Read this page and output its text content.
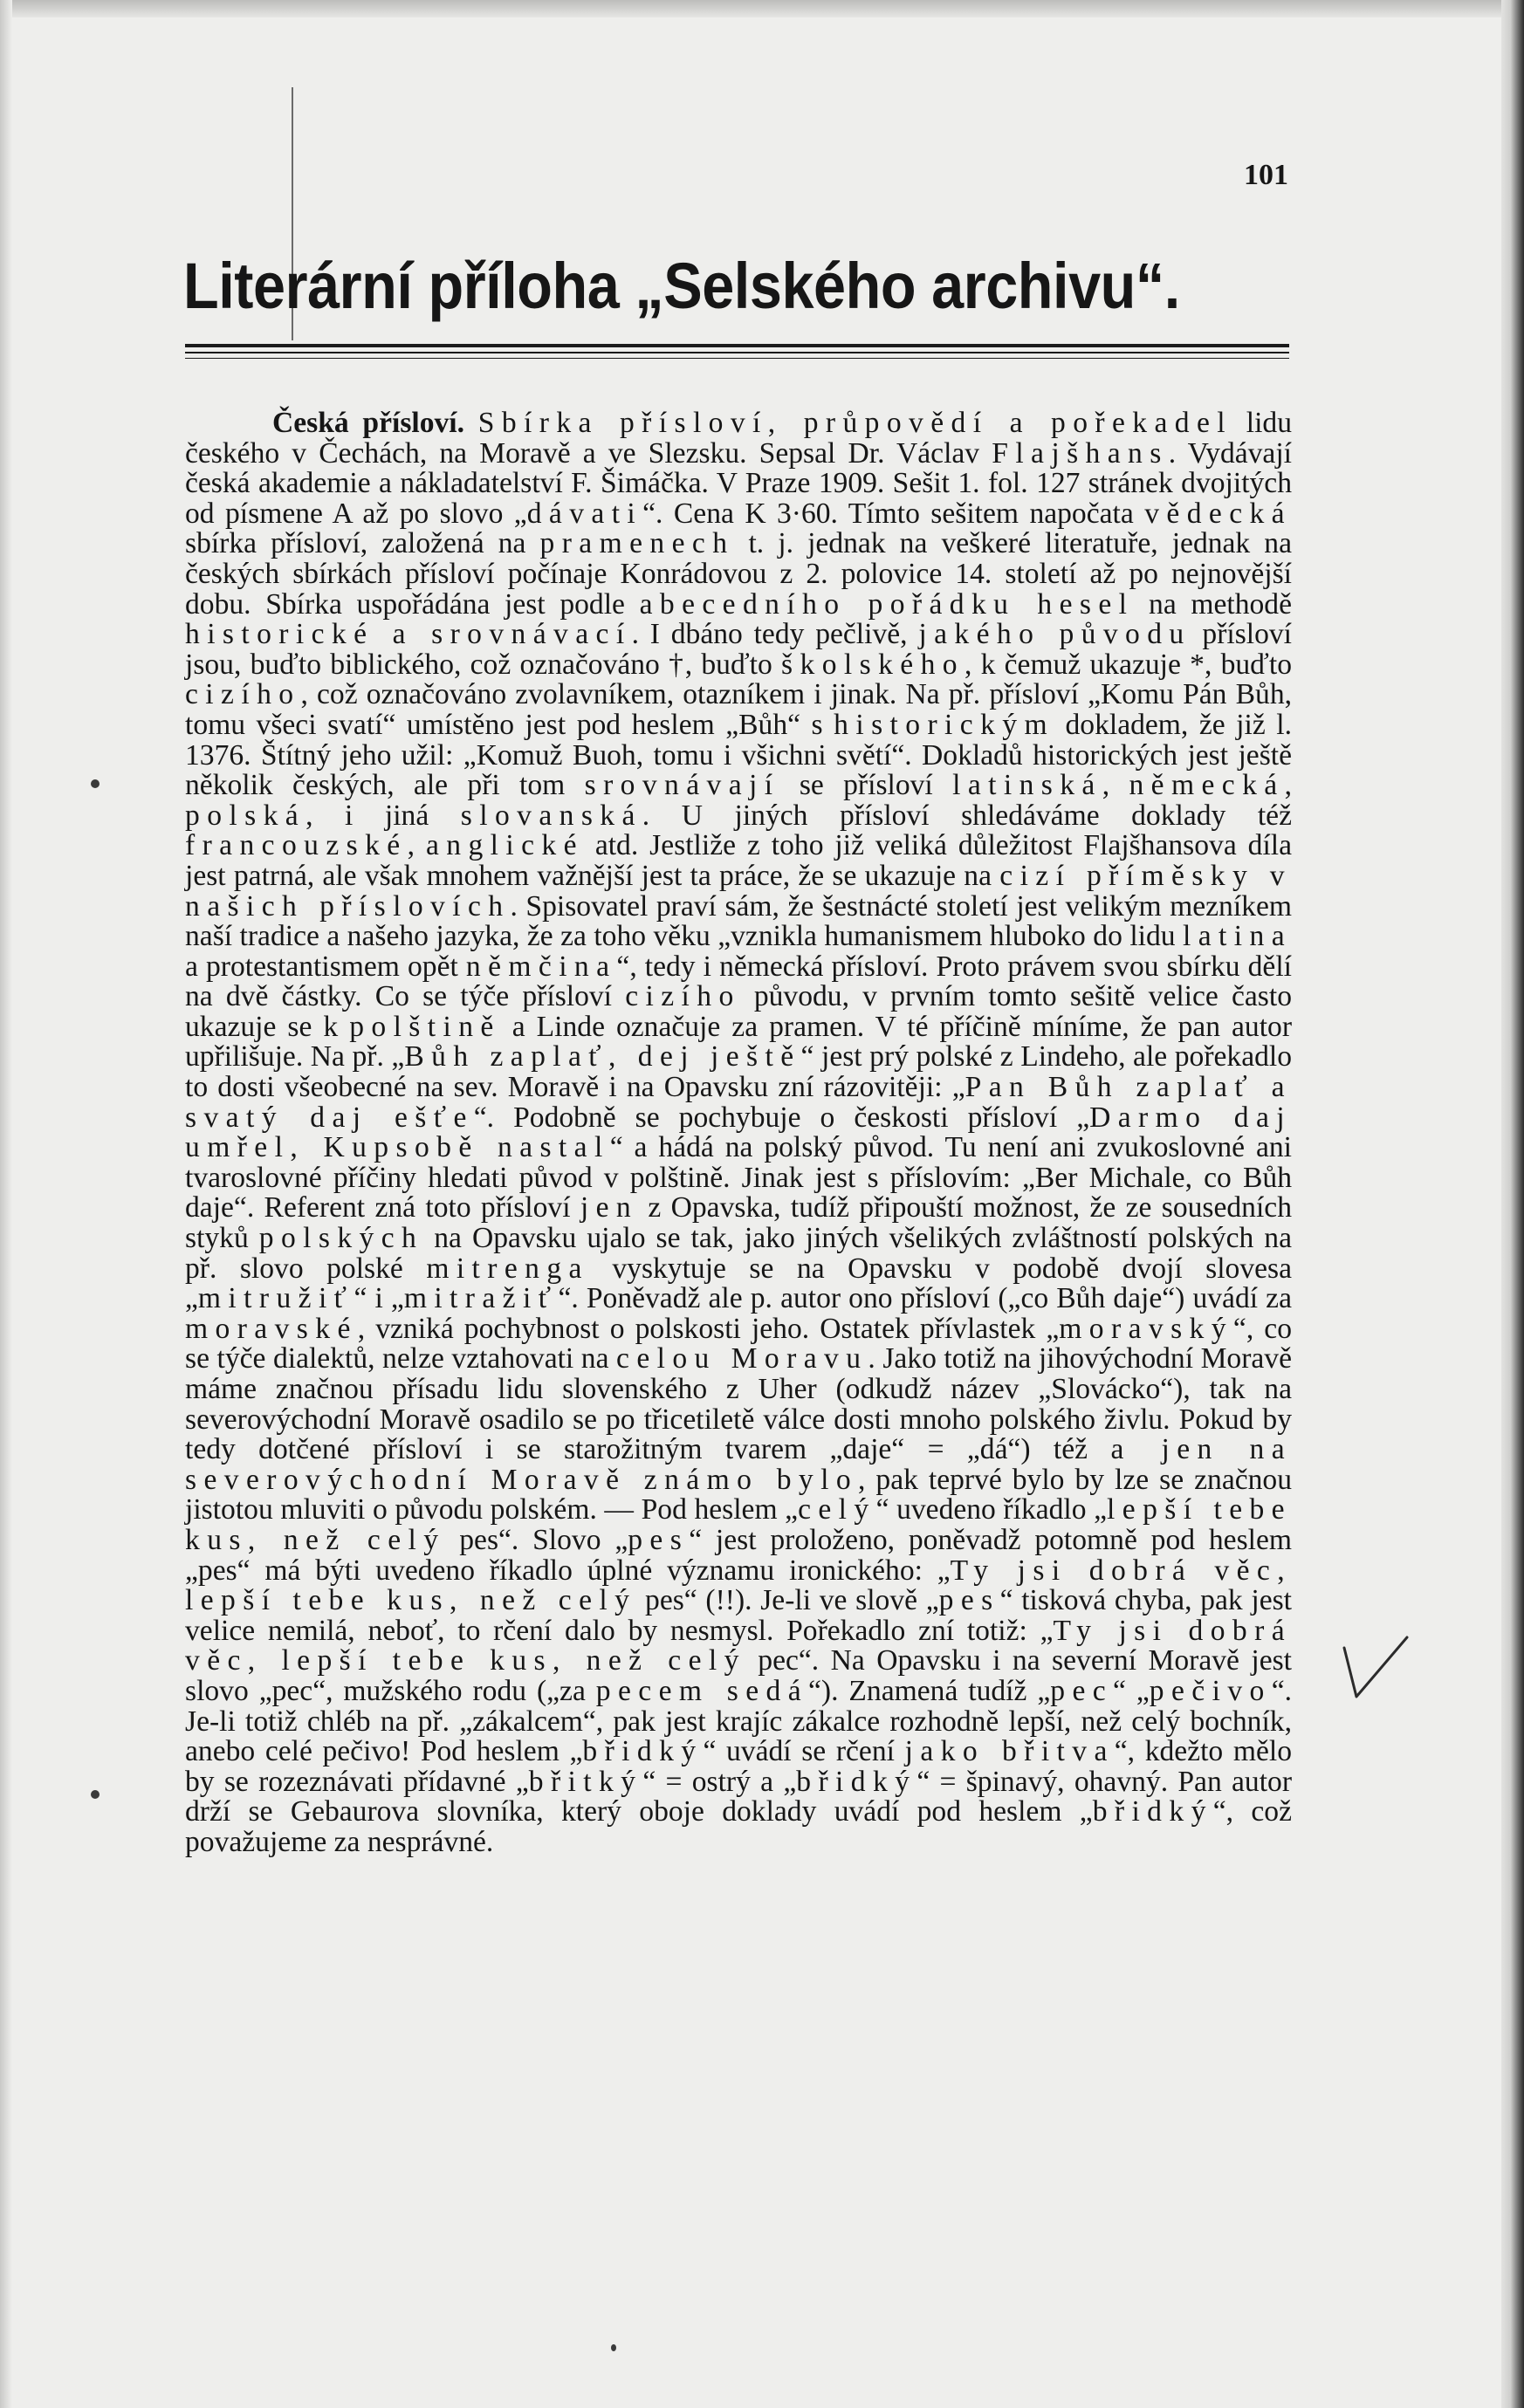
101
Literární příloha „Selského archivu“.

Česká přísloví. Sbírka přísloví, průpovědí a pořekadel lidu českého v Čechách, na Moravě a ve Slezsku. Sepsal Dr. Václav Flajšhans. Vydávají česká akademie a nákladatelství F. Šimáčka. V Praze 1909. Sešit 1. fol. 127 stránek dvojitých od písmene A až po slovo „dávati“. Cena K 3·60. Tímto sešitem napočata vědecká sbírka přísloví, založená na pramenech t. j. jednak na veškeré literatuře, jednak na českých sbírkách přísloví počínaje Konrádovou z 2. polovice 14. století až po nejnovější dobu. Sbírka uspořádána jest podle abecedního pořádku hesel na methodě historické a srovnávací. I dbáno tedy pečlivě, jakého původu přísloví jsou, buďto biblického, což označováno †, buďto školského, k čemuž ukazuje *, buďto cizího, což označováno zvolavníkem, otazníkem i jinak. Na př. přísloví „Komu Pán Bůh, tomu všeci svatí“ umístěno jest pod heslem „Bůh“ s historickým dokladem, že již l. 1376. Štítný jeho užil: „Komuž Buoh, tomu i všichni světí“. Dokladů historických jest ještě několik českých, ale při tom srovnávají se přísloví latinská, německá, polská, i jiná slovanská. U jiných přísloví shledáváme doklady též francouzské, anglické atd. Jestliže z toho již veliká důležitost Flajšhansova díla jest patrná, ale však mnohem važnější jest ta práce, že se ukazuje na cizí příměsky v našich příslovích. Spisovatel praví sám, že šestnácté století jest velikým mezníkem naší tradice a našeho jazyka, že za toho věku „vznikla humanismem hluboko do lidu latina a protestantismem opět němčina“, tedy i německá přísloví. Proto právem svou sbírku dělí na dvě částky. Co se týče přísloví cizího původu, v prvním tomto sešitě velice často ukazuje se k polštině a Linde označuje za pramen. V té příčině míníme, že pan autor upřilišuje. Na př. „Bůh zaplať, dej ještě“ jest prý polské z Lindeho, ale pořekadlo to dosti všeobecné na sev. Moravě i na Opavsku zní rázovitěji: „Pan Bůh zaplať a svatý daj ešťe“. Podobně se pochybuje o českosti přísloví „Darmo daj umřel, Kupsobě nastal“ a hádá na polský původ. Tu není ani zvukoslovné ani tvaroslovné příčiny hledati původ v polštině. Jinak jest s příslovím: „Ber Michale, co Bůh daje“. Referent zná toto přísloví jen z Opavska, tudíž připouští možnost, že ze sousedních styků polských na Opavsku ujalo se tak, jako jiných všelikých zvláštností polských na př. slovo polské mitrenga vyskytuje se na Opavsku v podobě dvojí slovesa „mitružiť“ i „mitražiť“. Poněvadž ale p. autor ono přísloví („co Bůh daje“) uvádí za moravské, vzniká pochybnost o polskosti jeho. Ostatek přívlastek „moravský“, co se týče dialektů, nelze vztahovati na celou Moravu. Jako totiž na jihovýchodní Moravě máme značnou přísadu lidu slovenského z Uher (odkudž název „Slovácko“), tak na severovýchodní Moravě osadilo se po třicetiletě válce dosti mnoho polského živlu. Pokud by tedy dotčené přísloví i se starožitným tvarem „daje“ = „dá“) též a jen na severovýchodní Moravě známo bylo, pak teprvé bylo by lze se značnou jistotou mluviti o původu polském. — Pod heslem „celý“ uvedeno říkadlo „lepší tebe kus, než celý pes“. Slovo „pes“ jest proloženo, poněvadž potomně pod heslem „pes“ má býti uvedeno říkadlo úplné významu ironického: „Ty jsi dobrá věc, lepší tebe kus, než celý pes“ (!!). Je-li ve slově „pes“ tisková chyba, pak jest velice nemilá, neboť, to rčení dalo by nesmysl. Pořekadlo zní totiž: „Ty jsi dobrá věc, lepší tebe kus, než celý pec“. Na Opavsku i na severní Moravě jest slovo „pec“, mužského rodu („za pecem sedá“). Znamená tudíž „pec“ „pečivo“. Je-li totiž chléb na př. „zákalcem“, pak jest krajíc zákalce rozhodně lepší, než celý bochník, anebo celé pečivo! Pod heslem „břidký“ uvádí se rčení jako břitva“, kdežto mělo by se rozeznávati přídavné „břitký“ = ostrý a „břidký“ = špinavý, ohavný. Pan autor drží se Gebaurova slovníka, který oboje doklady uvádí pod heslem „břidký“, což považujeme za nesprávné.
